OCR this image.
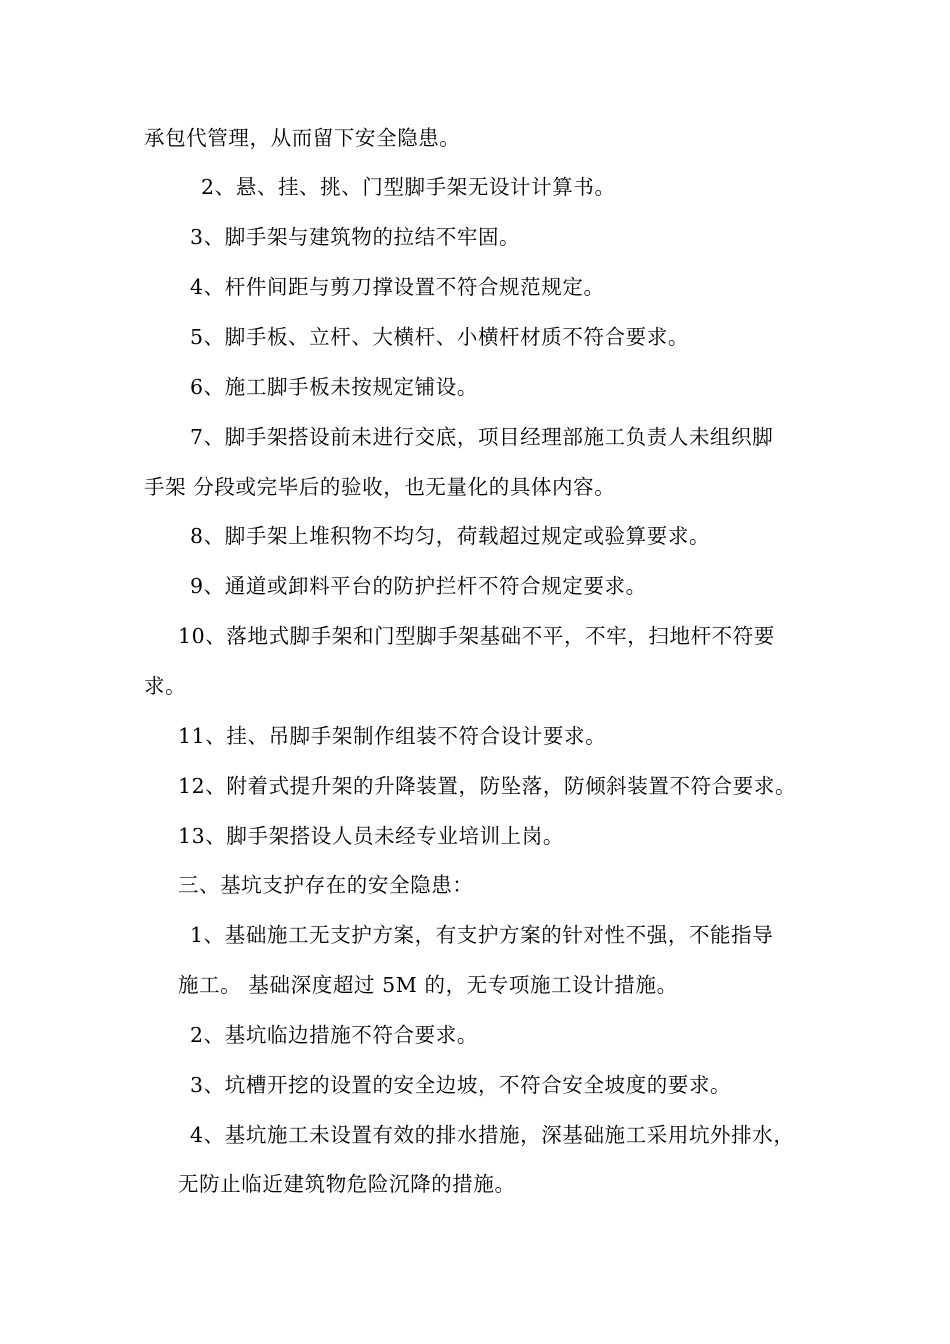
承包代管理，从而留下安全隐患。
2、悬、挂、挑、门型脚手架无设计计算书。
3、脚手架与建筑物的拉结不牢固。
4、杆件间距与剪刀撑设置不符合规范规定。
5、脚手板、立杆、大横杆、小横杆材质不符合要求。
6、施工脚手板未按规定铺设。
7、脚手架搭设前未进行交底，项目经理部施工负责人未组织脚
手架 分段或完毕后的验收，也无量化的具体内容。
8、脚手架上堆积物不均匀，荷载超过规定或验算要求。
9、通道或卸料平台的防护拦杆不符合规定要求。
10、落地式脚手架和门型脚手架基础不平，不牢，扫地杆不符要
求。
11、挂、吊脚手架制作组装不符合设计要求。
12、附着式提升架的升降装置，防坠落，防倾斜装置不符合要求。
13、脚手架搭设人员未经专业培训上岗。
三、基坑支护存在的安全隐患：
1、基础施工无支护方案，有支护方案的针对性不强，不能指导
施工。 基础深度超过 5M 的，无专项施工设计措施。
2、基坑临边措施不符合要求。
3、坑槽开挖的设置的安全边坡，不符合安全坡度的要求。
4、基坑施工未设置有效的排水措施，深基础施工采用坑外排水，
无防止临近建筑物危险沉降的措施。
